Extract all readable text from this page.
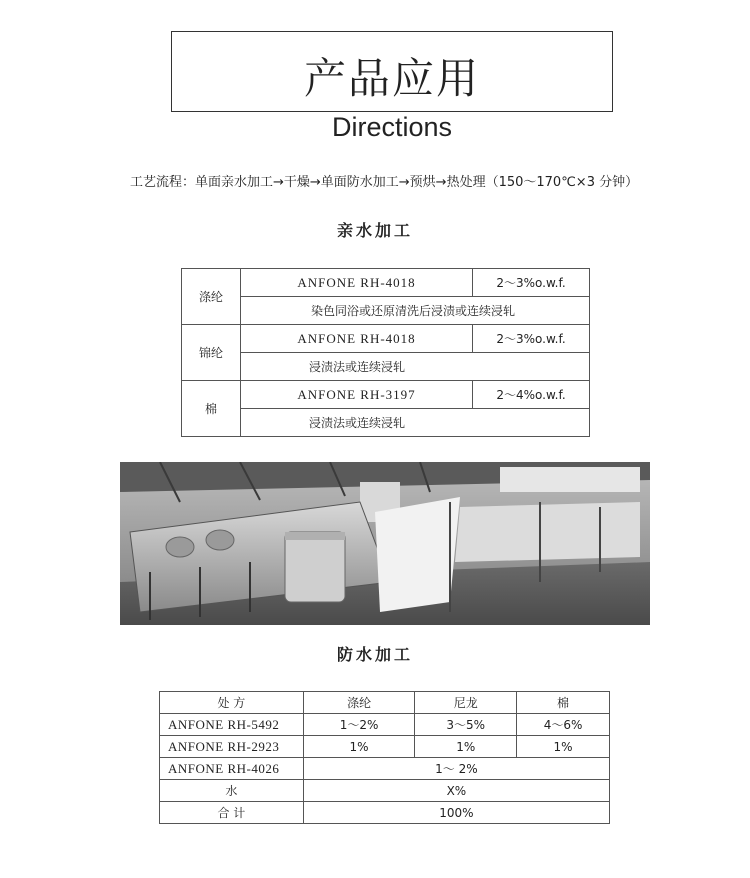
产品应用
Directions
工艺流程：单面亲水加工→干燥→单面防水加工→预烘→热处理（150～170℃×3 分钟）
亲水加工
涤纶	ANFONE RH-4018	2～3%o.w.f.
	染色同浴或还原清洗后浸渍或连续浸轧	
锦纶	ANFONE RH-4018	2～3%o.w.f.
	浸渍法或连续浸轧	
棉	ANFONE RH-3197	2～4%o.w.f.
	浸渍法或连续浸轧	
防水加工
处 方	涤纶	尼龙	棉
ANFONE RH-5492	1～2%	3～5%	4～6%
ANFONE RH-2923	1%	1%	1%
ANFONE RH-4026	1～ 2%		
水	X%		
合 计	100%		
